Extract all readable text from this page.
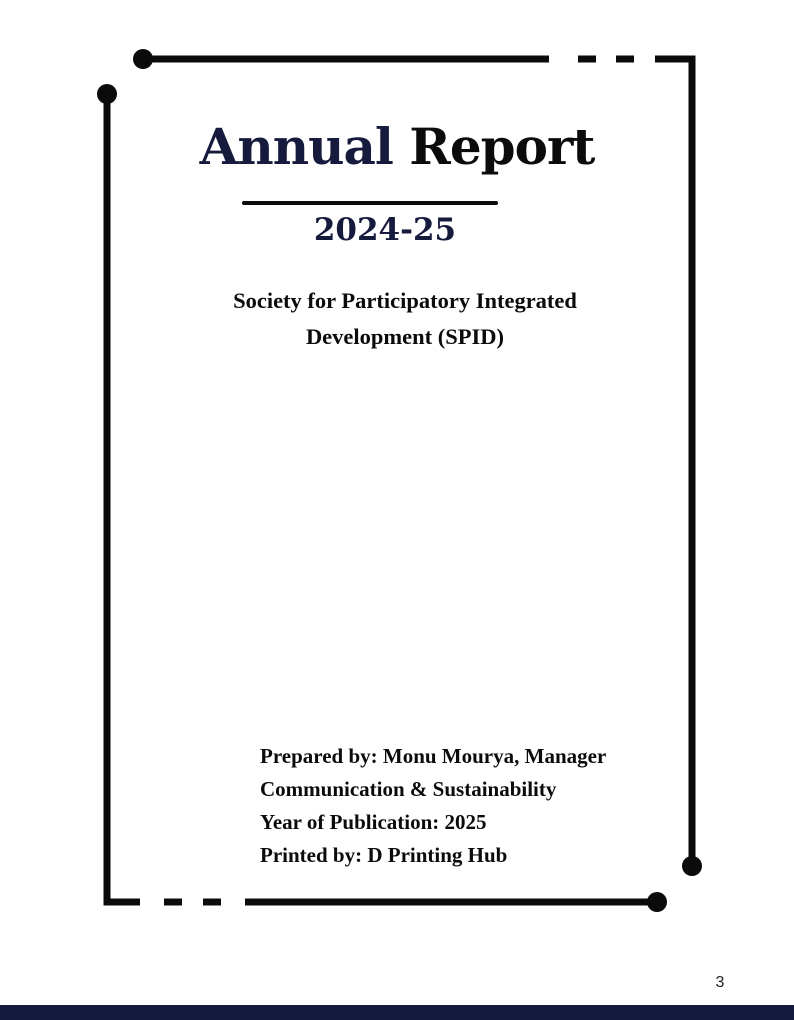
Annual Report
2024-25
Society for Participatory Integrated
Development (SPID)
Prepared by: Monu Mourya, Manager
Communication & Sustainability
Year of Publication: 2025
Printed by: D Printing Hub
3
